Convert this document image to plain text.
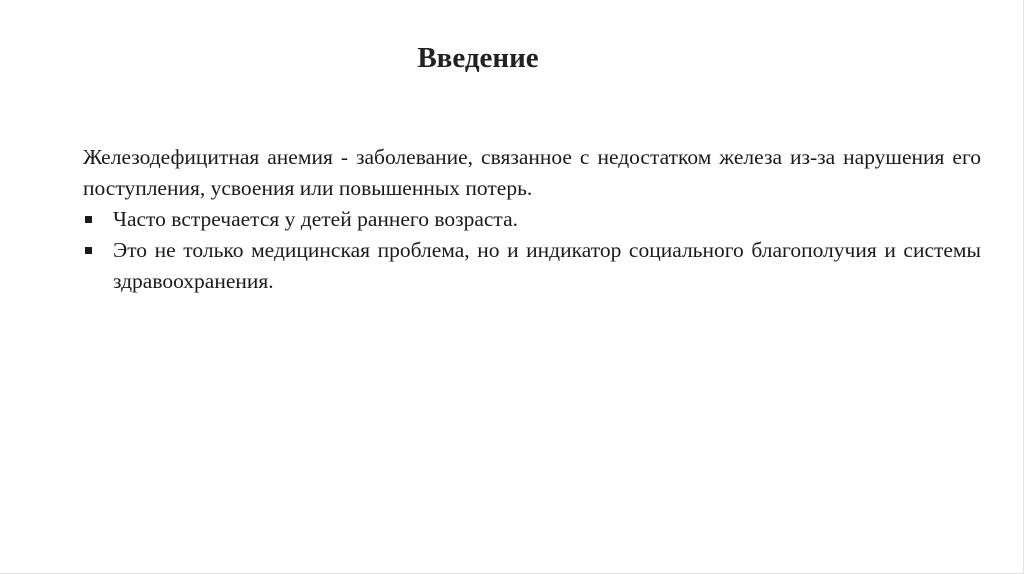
Введение

Железодефицитная анемия - заболевание, связанное с недостатком железа из-за нарушения его поступления, усвоения или повышенных потерь.

Часто встречается у детей раннего возраста.
Это не только медицинская проблема, но и индикатор социального благополучия и системы здравоохранения.
